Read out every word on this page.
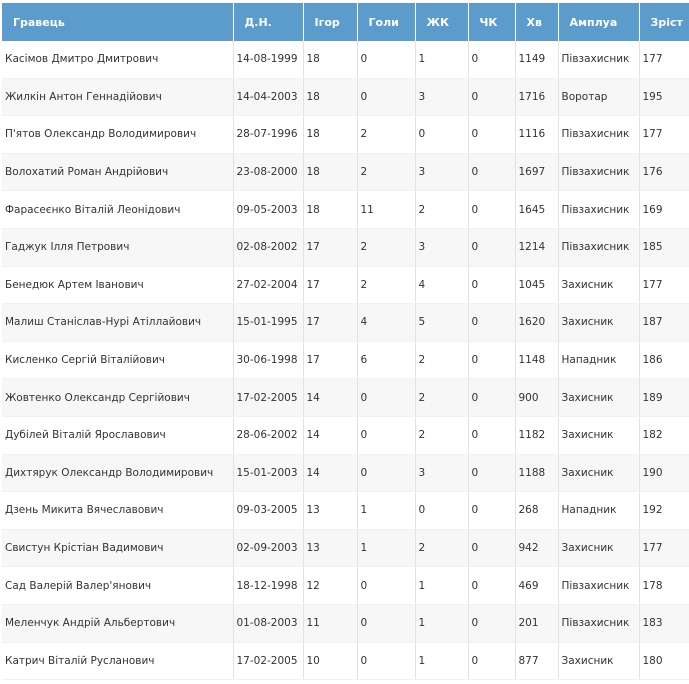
Гравець	Д.Н.	Ігор	Голи	ЖК	ЧК	Хв	Амплуа	Зріст
Касімов Дмитро Дмитрович	14-08-1999	18	0	1	0	1149	Півзахисник	177
Жилкін Антон Геннадійович	14-04-2003	18	0	3	0	1716	Воротар	195
П'ятов Олександр Володимирович	28-07-1996	18	2	0	0	1116	Півзахисник	177
Волохатий Роман Андрійович	23-08-2000	18	2	3	0	1697	Півзахисник	176
Фарасеєнко Віталій Леонідович	09-05-2003	18	11	2	0	1645	Півзахисник	169
Гаджук Ілля Петрович	02-08-2002	17	2	3	0	1214	Півзахисник	185
Бенедюк Артем Іванович	27-02-2004	17	2	4	0	1045	Захисник	177
Малиш Станіслав-Нурі Атіллайович	15-01-1995	17	4	5	0	1620	Захисник	187
Кисленко Сергій Віталійович	30-06-1998	17	6	2	0	1148	Нападник	186
Жовтенко Олександр Сергійович	17-02-2005	14	0	2	0	900	Захисник	189
Дубілей Віталій Ярославович	28-06-2002	14	0	2	0	1182	Захисник	182
Дихтярук Олександр Володимирович	15-01-2003	14	0	3	0	1188	Захисник	190
Дзень Микита Вячеславович	09-03-2005	13	1	0	0	268	Нападник	192
Свистун Крістіан Вадимович	02-09-2003	13	1	2	0	942	Захисник	177
Сад Валерій Валер'янович	18-12-1998	12	0	1	0	469	Півзахисник	178
Меленчук Андрій Альбертович	01-08-2003	11	0	1	0	201	Півзахисник	183
Катрич Віталій Русланович	17-02-2005	10	0	1	0	877	Захисник	180
